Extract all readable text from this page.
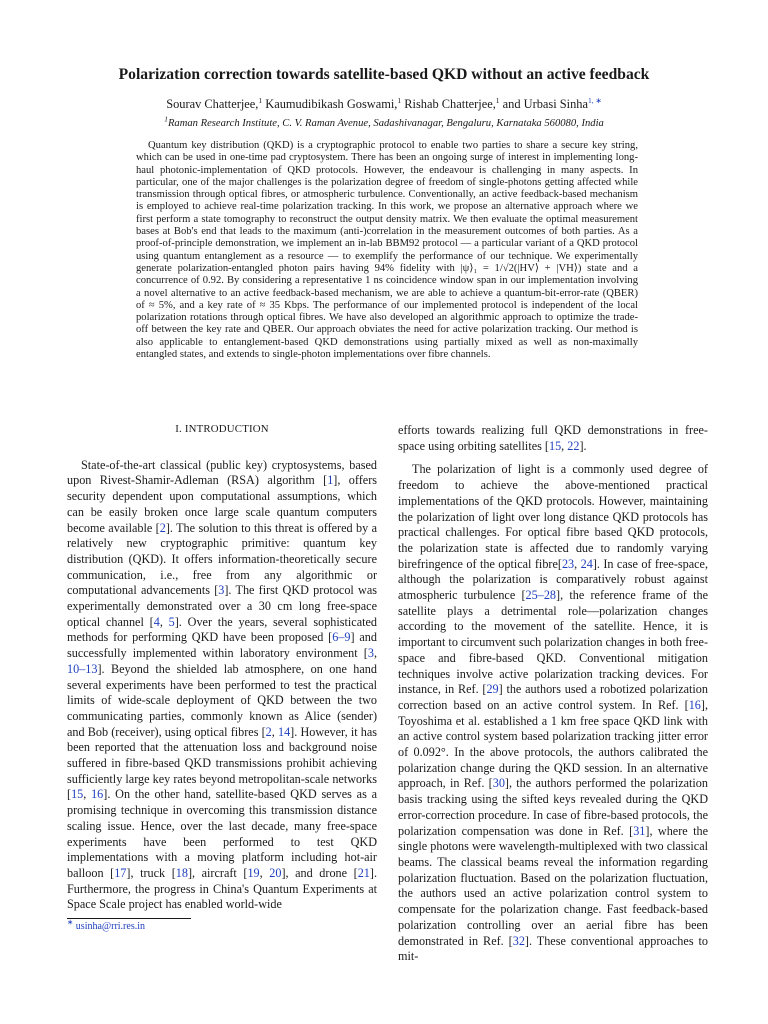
Polarization correction towards satellite-based QKD without an active feedback
Sourav Chatterjee,$^1$ Kaumudibikash Goswami,$^1$ Rishab Chatterjee,$^1$ and Urbasi Sinha$^{1, ∗}$
$^1$Raman Research Institute, C. V. Raman Avenue, Sadashivanagar, Bengaluru, Karnataka 560080, India

Quantum key distribution (QKD) is a cryptographic protocol to enable two parties to share a secure key string, which can be used in one-time pad cryptosystem. There has been an ongoing surge of interest in implementing long-haul photonic-implementation of QKD protocols. However, the endeavour is challenging in many aspects. In particular, one of the major challenges is the polarization degree of freedom of single-photons getting affected while transmission through optical fibres, or atmospheric turbulence. Conventionally, an active feedback-based mechanism is employed to achieve real-time polarization tracking. In this work, we propose an alternative approach where we first perform a state tomography to reconstruct the output density matrix. We then evaluate the optimal measurement bases at Bob's end that leads to the maximum (anti-)correlation in the measurement outcomes of both parties. As a proof-of-principle demonstration, we implement an in-lab BBM92 protocol — a particular variant of a QKD protocol using quantum entanglement as a resource — to exemplify the performance of our technique. We experimentally generate polarization-entangled photon pairs having 94% fidelity with |ψ⟩₁ = 1/√2(|HV⟩ + |VH⟩) state and a concurrence of 0.92. By considering a representative 1 ns coincidence window span in our implementation involving a novel alternative to an active feedback-based mechanism, we are able to achieve a quantum-bit-error-rate (QBER) of ≈ 5%, and a key rate of ≈ 35 Kbps. The performance of our implemented protocol is independent of the local polarization rotations through optical fibres. We have also developed an algorithmic approach to optimize the trade-off between the key rate and QBER. Our approach obviates the need for active polarization tracking. Our method is also applicable to entanglement-based QKD demonstrations using partially mixed as well as non-maximally entangled states, and extends to single-photon implementations over fibre channels.

I. INTRODUCTION

State-of-the-art classical (public key) cryptosystems, based upon Rivest-Shamir-Adleman (RSA) algorithm [1], offers security dependent upon computational assumptions, which can be easily broken once large scale quantum computers become available [2]. The solution to this threat is offered by a relatively new cryptographic primitive: quantum key distribution (QKD). It offers information-theoretically secure communication, i.e., free from any algorithmic or computational advancements [3]. The first QKD protocol was experimentally demonstrated over a 30 cm long free-space optical channel [4, 5]. Over the years, several sophisticated methods for performing QKD have been proposed [6–9] and successfully implemented within laboratory environment [3, 10–13]. Beyond the shielded lab atmosphere, on one hand several experiments have been performed to test the practical limits of wide-scale deployment of QKD between the two communicating parties, commonly known as Alice (sender) and Bob (receiver), using optical fibres [2, 14]. However, it has been reported that the attenuation loss and background noise suffered in fibre-based QKD transmissions prohibit achieving sufficiently large key rates beyond metropolitan-scale networks [15, 16]. On the other hand, satellite-based QKD serves as a promising technique in overcoming this transmission distance scaling issue. Hence, over the last decade, many free-space experiments have been performed to test QKD implementations with a moving platform including hot-air balloon [17], truck [18], aircraft [19, 20], and drone [21]. Furthermore, the progress in China's Quantum Experiments at Space Scale project has enabled world-wide

efforts towards realizing full QKD demonstrations in free-space using orbiting satellites [15, 22].

The polarization of light is a commonly used degree of freedom to achieve the above-mentioned practical implementations of the QKD protocols. However, maintaining the polarization of light over long distance QKD protocols has practical challenges. For optical fibre based QKD protocols, the polarization state is affected due to randomly varying birefringence of the optical fibre[23, 24]. In case of free-space, although the polarization is comparatively robust against atmospheric turbulence [25–28], the reference frame of the satellite plays a detrimental role—polarization changes according to the movement of the satellite. Hence, it is important to circumvent such polarization changes in both free-space and fibre-based QKD. Conventional mitigation techniques involve active polarization tracking devices. For instance, in Ref. [29] the authors used a robotized polarization correction based on an active control system. In Ref. [16], Toyoshima et al. established a 1 km free space QKD link with an active control system based polarization tracking jitter error of 0.092°. In the above protocols, the authors calibrated the polarization change during the QKD session. In an alternative approach, in Ref. [30], the authors performed the polarization basis tracking using the sifted keys revealed during the QKD error-correction procedure. In case of fibre-based protocols, the polarization compensation was done in Ref. [31], where the single photons were wavelength-multiplexed with two classical beams. The classical beams reveal the information regarding polarization fluctuation. Based on the polarization fluctuation, the authors used an active polarization control system to compensate for the polarization change. Fast feedback-based polarization controlling over an aerial fibre has been demonstrated in Ref. [32]. These conventional approaches to mit-

∗ usinha@rri.res.in
